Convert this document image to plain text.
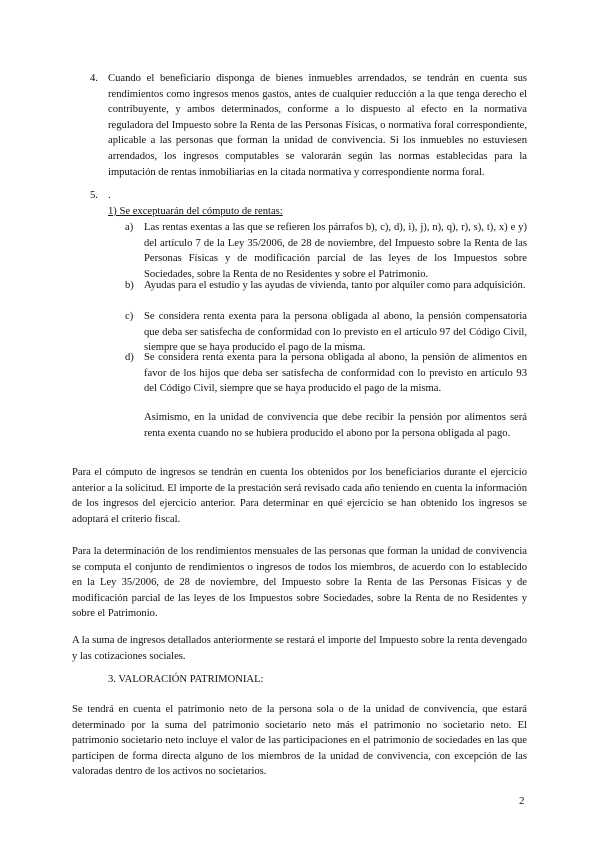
4. Cuando el beneficiario disponga de bienes inmuebles arrendados, se tendrán en cuenta sus rendimientos como ingresos menos gastos, antes de cualquier reducción a la que tenga derecho el contribuyente, y ambos determinados, conforme a lo dispuesto al efecto en la normativa reguladora del Impuesto sobre la Renta de las Personas Físicas, o normativa foral correspondiente, aplicable a las personas que forman la unidad de convivencia. Si los inmuebles no estuviesen arrendados, los ingresos computables se valorarán según las normas establecidas para la imputación de rentas inmobiliarias en la citada normativa y correspondiente norma foral.

5. .

1) Se exceptuarán del cómputo de rentas:

a) Las rentas exentas a las que se refieren los párrafos b), c), d), i), j), n), q), r), s), t), x) e y) del artículo 7 de la Ley 35/2006, de 28 de noviembre, del Impuesto sobre la Renta de las Personas Físicas y de modificación parcial de las leyes de los Impuestos sobre Sociedades, sobre la Renta de no Residentes y sobre el Patrimonio.

b) Ayudas para el estudio y las ayudas de vivienda, tanto por alquiler como para adquisición.

c) Se considera renta exenta para la persona obligada al abono, la pensión compensatoria que deba ser satisfecha de conformidad con lo previsto en el artículo 97 del Código Civil, siempre que se haya producido el pago de la misma.

d) Se considera renta exenta para la persona obligada al abono, la pensión de alimentos en favor de los hijos que deba ser satisfecha de conformidad con lo previsto en artículo 93 del Código Civil, siempre que se haya producido el pago de la misma.

Asimismo, en la unidad de convivencia que debe recibir la pensión por alimentos será renta exenta cuando no se hubiera producido el abono por la persona obligada al pago.

Para el cómputo de ingresos se tendrán en cuenta los obtenidos por los beneficiarios durante el ejercicio anterior a la solicitud. El importe de la prestación será revisado cada año teniendo en cuenta la información de los ingresos del ejercicio anterior. Para determinar en qué ejercicio se han obtenido los ingresos se adoptará el criterio fiscal.

Para la determinación de los rendimientos mensuales de las personas que forman la unidad de convivencia se computa el conjunto de rendimientos o ingresos de todos los miembros, de acuerdo con lo establecido en la Ley 35/2006, de 28 de noviembre, del Impuesto sobre la Renta de las Personas Físicas y de modificación parcial de las leyes de los Impuestos sobre Sociedades, sobre la Renta de no Residentes y sobre el Patrimonio.

A la suma de ingresos detallados anteriormente se restará el importe del Impuesto sobre la renta devengado y las cotizaciones sociales.

3. VALORACIÓN PATRIMONIAL:

Se tendrá en cuenta el patrimonio neto de la persona sola o de la unidad de convivencia, que estará determinado por la suma del patrimonio societario neto más el patrimonio no societario neto. El patrimonio societario neto incluye el valor de las participaciones en el patrimonio de sociedades en las que participen de forma directa alguno de los miembros de la unidad de convivencia, con excepción de las valoradas dentro de los activos no societarios.

2
